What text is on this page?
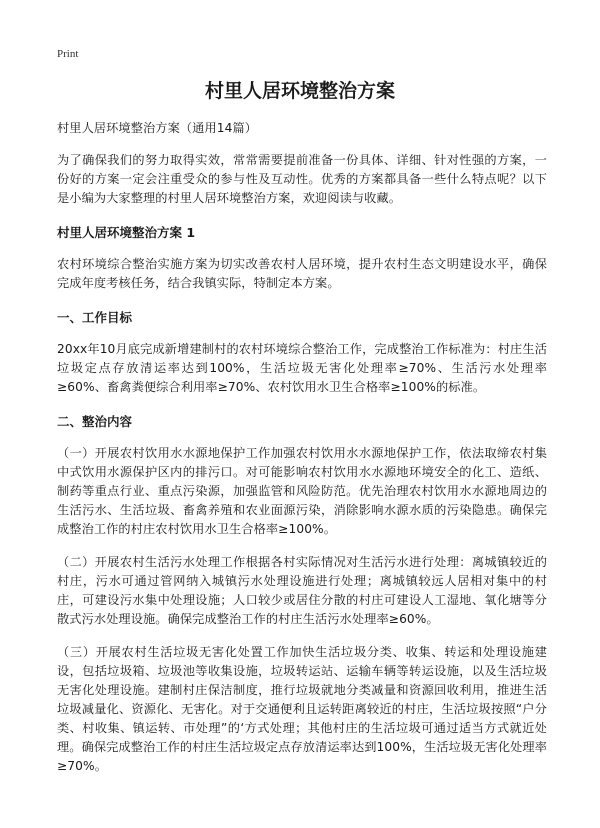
Print
村里人居环境整治方案

村里人居环境整治方案（通用14篇）

为了确保我们的努力取得实效，常常需要提前准备一份具体、详细、针对性强的方案，一份好的方案一定会注重受众的参与性及互动性。优秀的方案都具备一些什么特点呢？以下是小编为大家整理的村里人居环境整治方案，欢迎阅读与收藏。

村里人居环境整治方案 1

农村环境综合整治实施方案为切实改善农村人居环境，提升农村生态文明建设水平，确保完成年度考核任务，结合我镇实际，特制定本方案。

一、工作目标

20xx年10月底完成新增建制村的农村环境综合整治工作，完成整治工作标准为：村庄生活垃圾定点存放清运率达到100%，生活垃圾无害化处理率≥70%、生活污水处理率≥60%、畜禽粪便综合利用率≥70%、农村饮用水卫生合格率≥100%的标准。

二、整治内容

（一）开展农村饮用水水源地保护工作加强农村饮用水水源地保护工作，依法取缔农村集中式饮用水源保护区内的排污口。对可能影响农村饮用水水源地环境安全的化工、造纸、制药等重点行业、重点污染源，加强监管和风险防范。优先治理农村饮用水水源地周边的生活污水、生活垃圾、畜禽养殖和农业面源污染，消除影响水源水质的污染隐患。确保完成整治工作的村庄农村饮用水卫生合格率≥100%。

（二）开展农村生活污水处理工作根据各村实际情况对生活污水进行处理：离城镇较近的村庄，污水可通过管网纳入城镇污水处理设施进行处理；离城镇较远人居相对集中的村庄，可建设污水集中处理设施；人口较少或居住分散的村庄可建设人工湿地、氧化塘等分散式污水处理设施。确保完成整治工作的村庄生活污水处理率≥60%。

（三）开展农村生活垃圾无害化处置工作加快生活垃圾分类、收集、转运和处理设施建设，包括垃圾箱、垃圾池等收集设施，垃圾转运站、运输车辆等转运设施，以及生活垃圾无害化处理设施。建制村庄保洁制度，推行垃圾就地分类减量和资源回收利用，推进生活垃圾减量化、资源化、无害化。对于交通便利且运转距离较近的村庄，生活垃圾按照“户分类、村收集、镇运转、市处理”的‘方式处理；其他村庄的生活垃圾可通过适当方式就近处理。确保完成整治工作的村庄生活垃圾定点存放清运率达到100%，生活垃圾无害化处理率≥70%。
